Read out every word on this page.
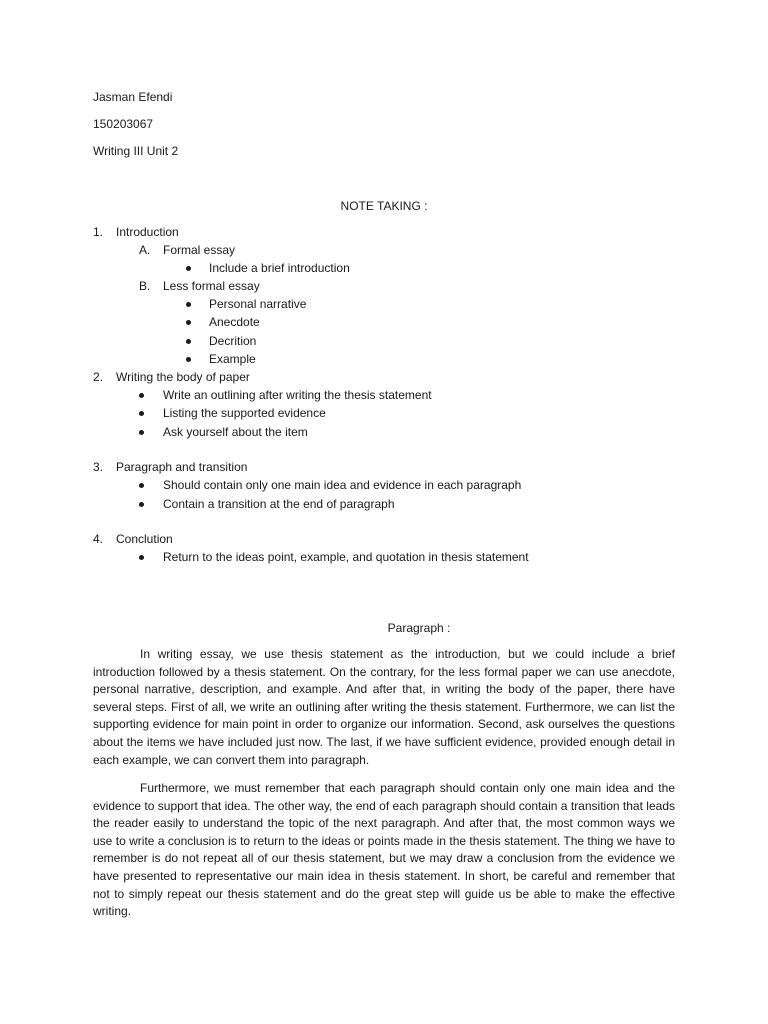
Jasman Efendi
150203067
Writing III Unit 2
NOTE TAKING :
1. Introduction
A. Formal essay
Include a brief introduction
B. Less formal essay
Personal narrative
Anecdote
Decrition
Example
2. Writing the body of paper
Write an outlining after writing the thesis statement
Listing the supported evidence
Ask yourself about the item
3. Paragraph and transition
Should contain only one main idea and evidence in each paragraph
Contain a transition at the end of paragraph
4. Conclution
Return to the ideas point, example, and quotation in thesis statement
Paragraph :
In writing essay, we use thesis statement as the introduction, but we could include a brief introduction followed by a thesis statement. On the contrary, for the less formal paper we can use anecdote, personal narrative, description, and example. And after that, in writing the body of the paper, there have several steps. First of all, we write an outlining after writing the thesis statement. Furthermore, we can list the supporting evidence for main point in order to organize our information. Second, ask ourselves the questions about the items we have included just now. The last, if we have sufficient evidence, provided enough detail in each example, we can convert them into paragraph.
Furthermore, we must remember that each paragraph should contain only one main idea and the evidence to support that idea. The other way, the end of each paragraph should contain a transition that leads the reader easily to understand the topic of the next paragraph. And after that, the most common ways we use to write a conclusion is to return to the ideas or points made in the thesis statement. The thing we have to remember is do not repeat all of our thesis statement, but we may draw a conclusion from the evidence we have presented to representative our main idea in thesis statement. In short, be careful and remember that not to simply repeat our thesis statement and do the great step will guide us be able to make the effective writing.
